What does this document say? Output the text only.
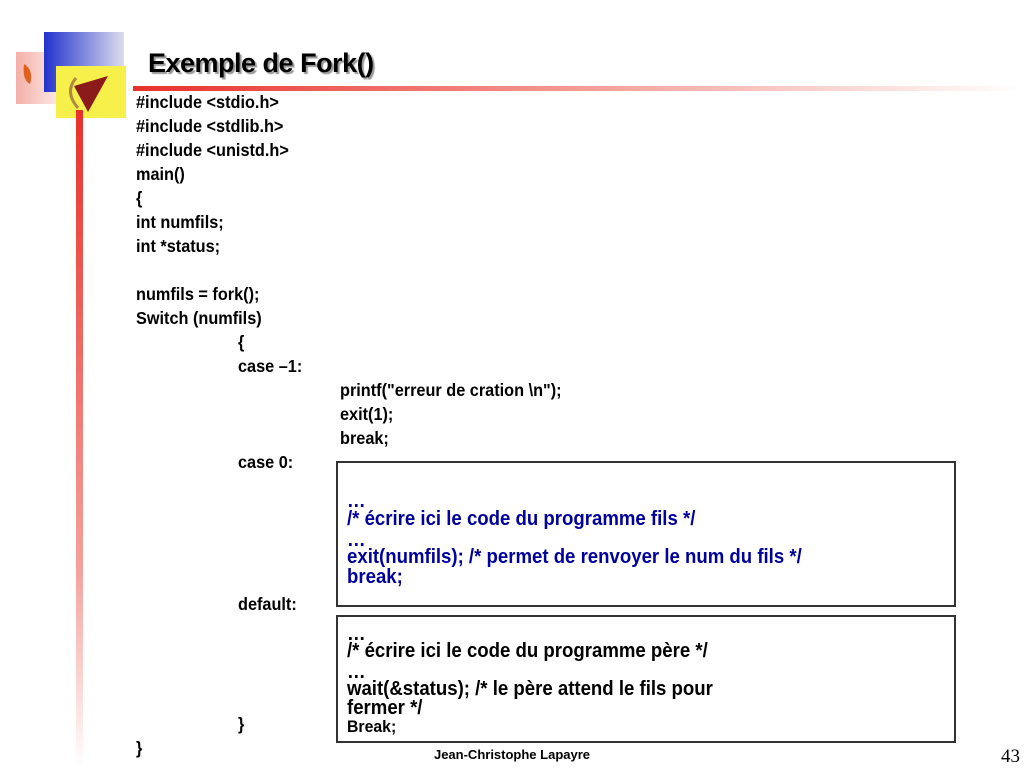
Exemple de Fork()
#include <stdio.h>
#include <stdlib.h>
#include <unistd.h>
main()
{
int numfils;
int *status;
numfils = fork();
Switch (numfils)
{
case –1:
printf("erreur de cration \n");
exit(1);
break;
case 0:
default:
}
}
…
/* écrire ici le code du programme fils */
…
exit(numfils); /* permet de renvoyer le num du fils */
break;
…
/* écrire ici le code du programme père */
…
wait(&status); /* le père attend le fils pour
fermer */
Break;
Jean-Christophe Lapayre	43
